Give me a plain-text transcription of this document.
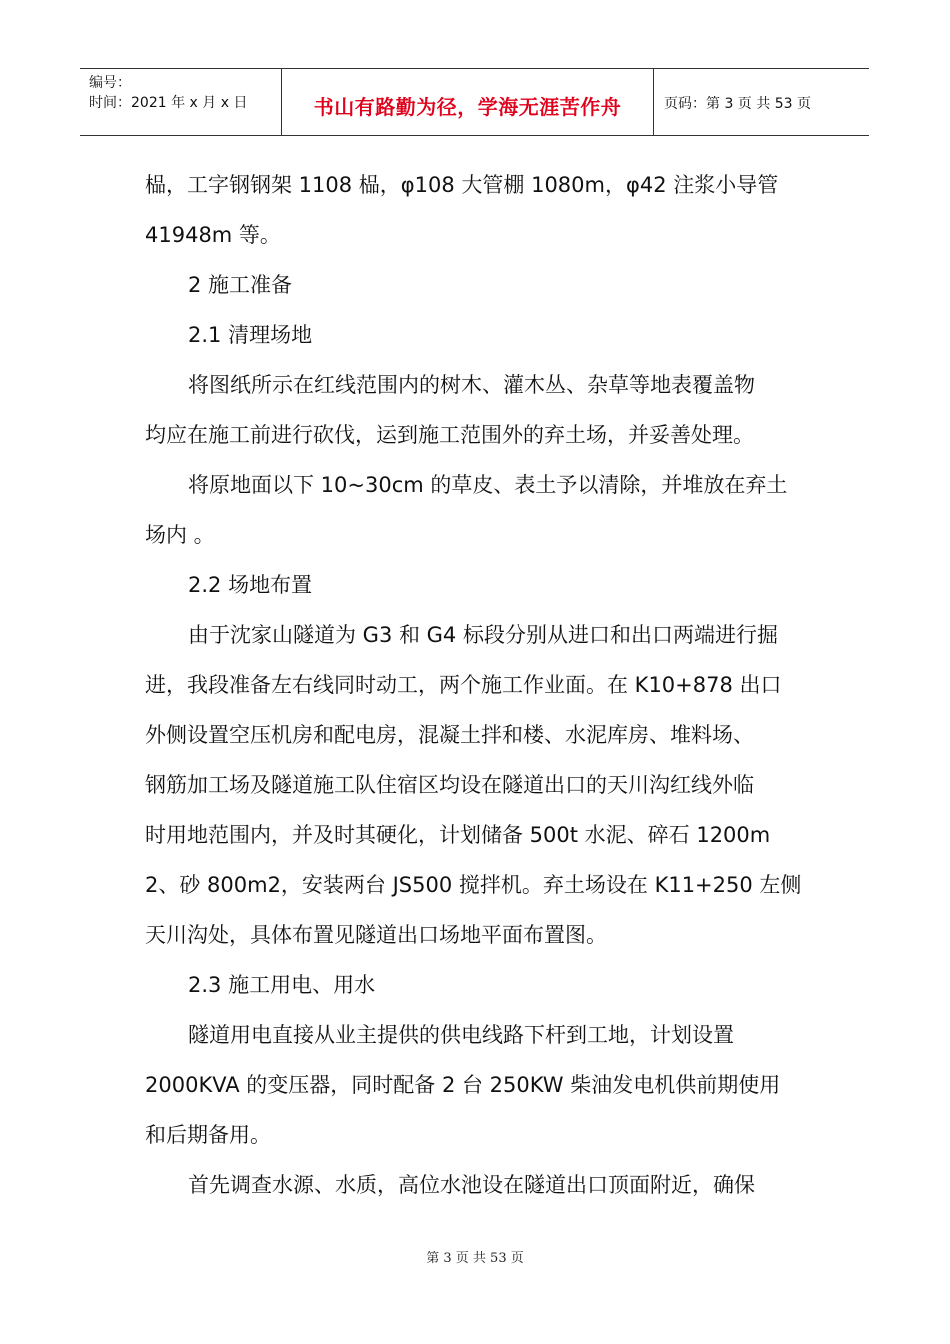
编号：
时间：2021 年 x 月 x 日	书山有路勤为径，学海无涯苦作舟	页码：第 3 页 共 53 页
榀，工字钢钢架 1108 榀，φ108 大管棚 1080m，φ42 注浆小导管
41948m 等。
2 施工准备
2.1 清理场地
将图纸所示在红线范围内的树木、灌木丛、杂草等地表覆盖物
均应在施工前进行砍伐，运到施工范围外的弃土场，并妥善处理。
将原地面以下 10~30cm 的草皮、表土予以清除，并堆放在弃土
场内 。
2.2 场地布置
由于沈家山隧道为 G3 和 G4 标段分别从进口和出口两端进行掘
进，我段准备左右线同时动工，两个施工作业面。在 K10+878 出口
外侧设置空压机房和配电房，混凝土拌和楼、水泥库房、堆料场、
钢筋加工场及隧道施工队住宿区均设在隧道出口的天川沟红线外临
时用地范围内，并及时其硬化，计划储备 500t 水泥、碎石 1200m
2、砂 800m2，安装两台 JS500 搅拌机。弃土场设在 K11+250 左侧
天川沟处，具体布置见隧道出口场地平面布置图。
2.3 施工用电、用水
隧道用电直接从业主提供的供电线路下杆到工地，计划设置
2000KVA 的变压器，同时配备 2 台 250KW 柴油发电机供前期使用
和后期备用。
首先调查水源、水质，高位水池设在隧道出口顶面附近，确保
第 3 页 共 53 页
